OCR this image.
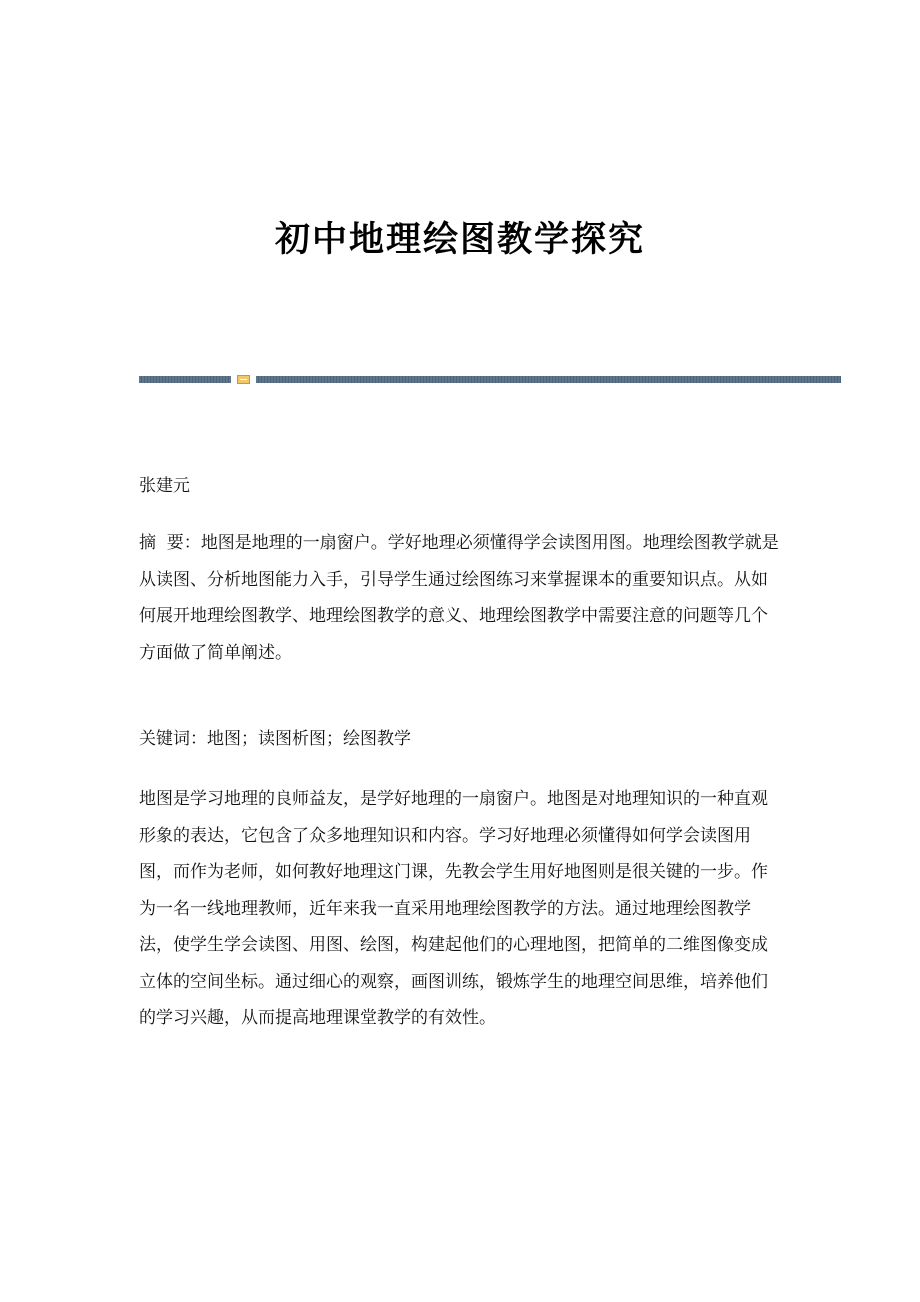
初中地理绘图教学探究
张建元

摘  要：地图是地理的一扇窗户。学好地理必须懂得学会读图用图。地理绘图教学就是从读图、分析地图能力入手，引导学生通过绘图练习来掌握课本的重要知识点。从如何展开地理绘图教学、地理绘图教学的意义、地理绘图教学中需要注意的问题等几个方面做了简单阐述。

关键词：地图；读图析图；绘图教学

地图是学习地理的良师益友，是学好地理的一扇窗户。地图是对地理知识的一种直观形象的表达，它包含了众多地理知识和内容。学习好地理必须懂得如何学会读图用图，而作为老师，如何教好地理这门课，先教会学生用好地图则是很关键的一步。作为一名一线地理教师，近年来我一直采用地理绘图教学的方法。通过地理绘图教学法，使学生学会读图、用图、绘图，构建起他们的心理地图，把简单的二维图像变成立体的空间坐标。通过细心的观察，画图训练，锻炼学生的地理空间思维，培养他们的学习兴趣，从而提高地理课堂教学的有效性。
